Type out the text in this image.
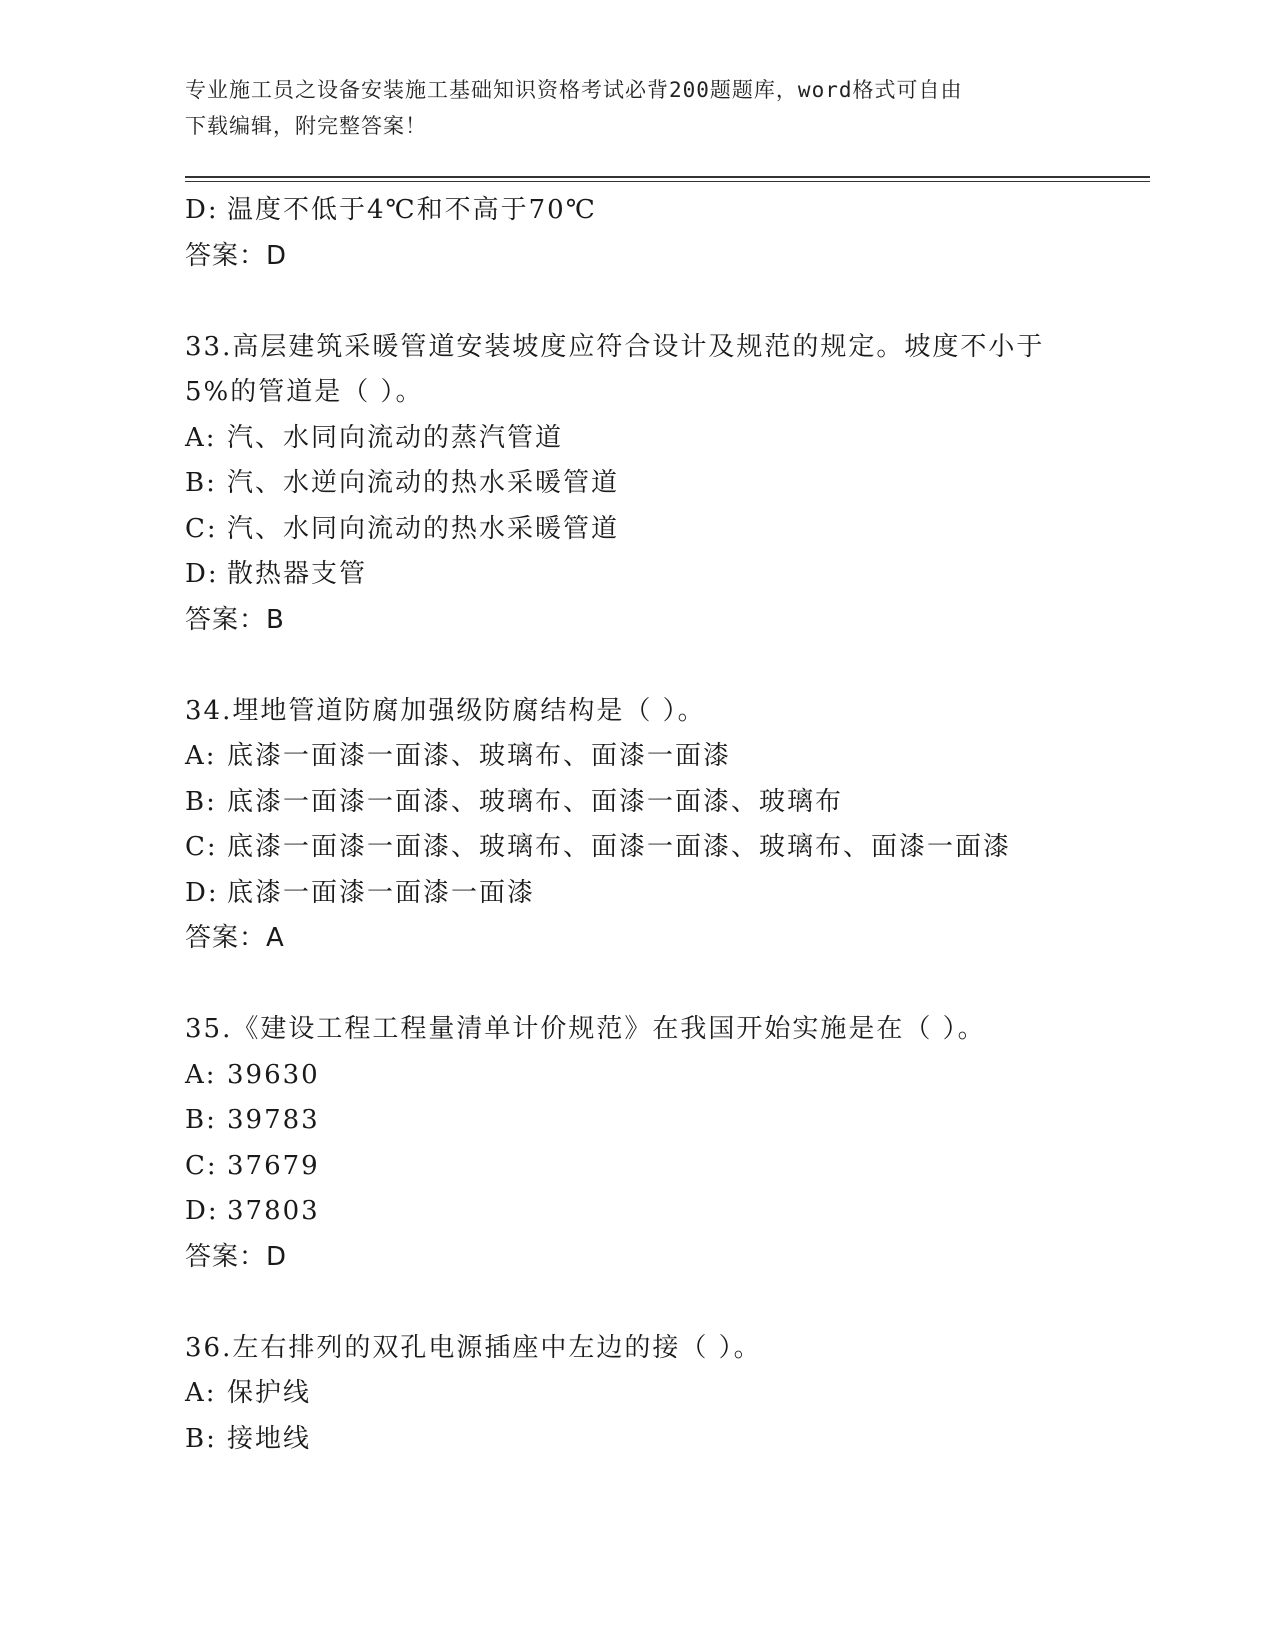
专业施工员之设备安装施工基础知识资格考试必背200题题库，word格式可自由
下载编辑，附完整答案！
D: 温度不低于4℃和不高于70℃
答案：D
33.高层建筑采暖管道安装坡度应符合设计及规范的规定。坡度不小于
5%的管道是（ ）。
A: 汽、水同向流动的蒸汽管道
B: 汽、水逆向流动的热水采暖管道
C: 汽、水同向流动的热水采暖管道
D: 散热器支管
答案：B
34.埋地管道防腐加强级防腐结构是（ ）。
A: 底漆一面漆一面漆、玻璃布、面漆一面漆
B: 底漆一面漆一面漆、玻璃布、面漆一面漆、玻璃布
C: 底漆一面漆一面漆、玻璃布、面漆一面漆、玻璃布、面漆一面漆
D: 底漆一面漆一面漆一面漆
答案：A
35.《建设工程工程量清单计价规范》在我国开始实施是在（ ）。
A: 39630
B: 39783
C: 37679
D: 37803
答案：D
36.左右排列的双孔电源插座中左边的接（ ）。
A: 保护线
B: 接地线
